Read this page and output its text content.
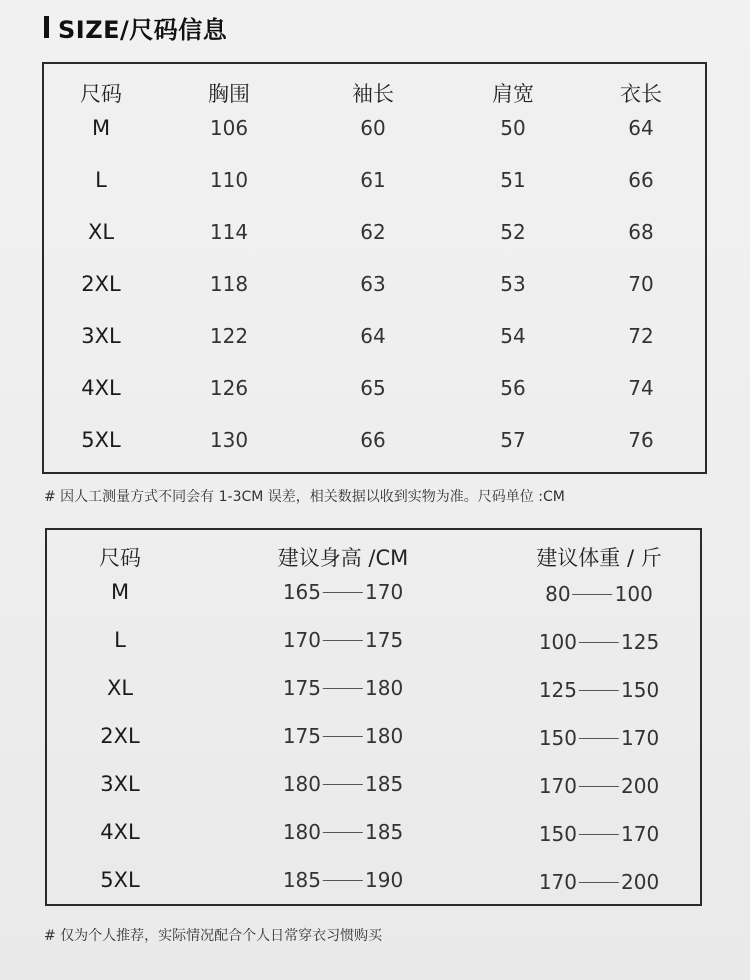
SIZE/尺码信息
尺码	胸围	袖长	肩宽	衣长
M	106	60	50	64
L	110	61	51	66
XL	114	62	52	68
2XL	118	63	53	70
3XL	122	64	54	72
4XL	126	65	56	74
5XL	130	66	57	76
# 因人工测量方式不同会有 1-3CM 误差，相关数据以收到实物为准。尺码单位 :CM
尺码	建议身高 /CM	建议体重 / 斤
M	165 170	80 100
L	170 175	100 125
XL	175 180	125 150
2XL	175 180	150 170
3XL	180 185	170 200
4XL	180 185	150 170
5XL	185 190	170 200
# 仅为个人推荐，实际情况配合个人日常穿衣习惯购买
